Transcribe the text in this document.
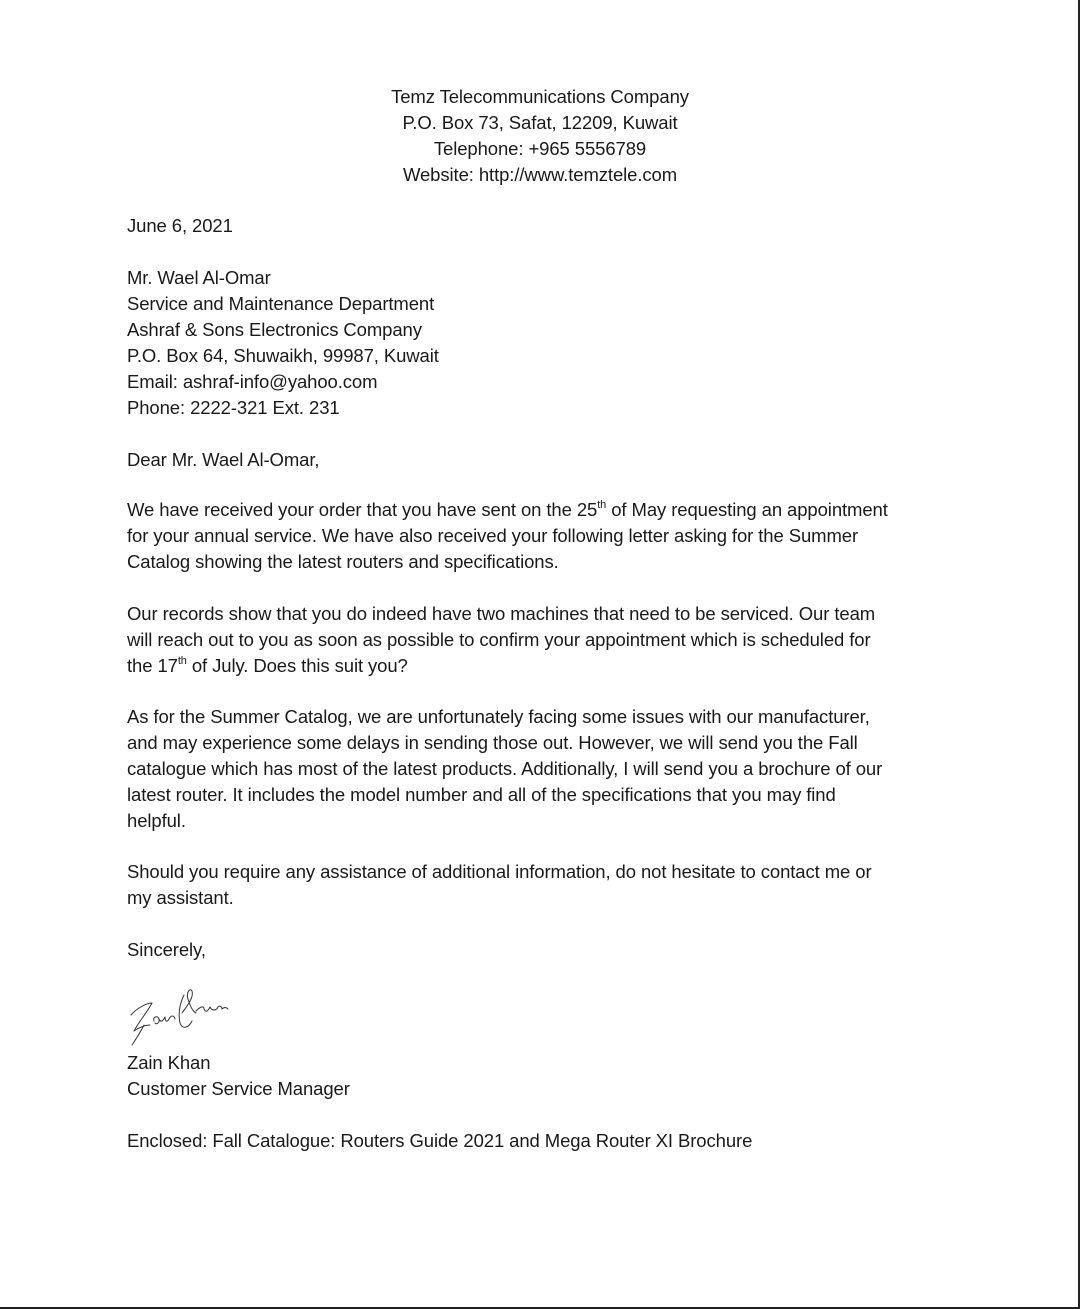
Temz Telecommunications Company
P.O. Box 73, Safat, 12209, Kuwait
Telephone: +965 5556789
Website: http://www.temztele.com
June 6, 2021
Mr. Wael Al-Omar
Service and Maintenance Department
Ashraf & Sons Electronics Company
P.O. Box 64, Shuwaikh, 99987, Kuwait
Email: ashraf-info@yahoo.com
Phone: 2222-321 Ext. 231
Dear Mr. Wael Al-Omar,
We have received your order that you have sent on the 25th of May requesting an appointment
for your annual service. We have also received your following letter asking for the Summer
Catalog showing the latest routers and specifications.
Our records show that you do indeed have two machines that need to be serviced. Our team
will reach out to you as soon as possible to confirm your appointment which is scheduled for
the 17th of July. Does this suit you?
As for the Summer Catalog, we are unfortunately facing some issues with our manufacturer,
and may experience some delays in sending those out. However, we will send you the Fall
catalogue which has most of the latest products. Additionally, I will send you a brochure of our
latest router. It includes the model number and all of the specifications that you may find
helpful.
Should you require any assistance of additional information, do not hesitate to contact me or
my assistant.
Sincerely,
Zain Khan
Customer Service Manager
Enclosed: Fall Catalogue: Routers Guide 2021 and Mega Router XI Brochure
